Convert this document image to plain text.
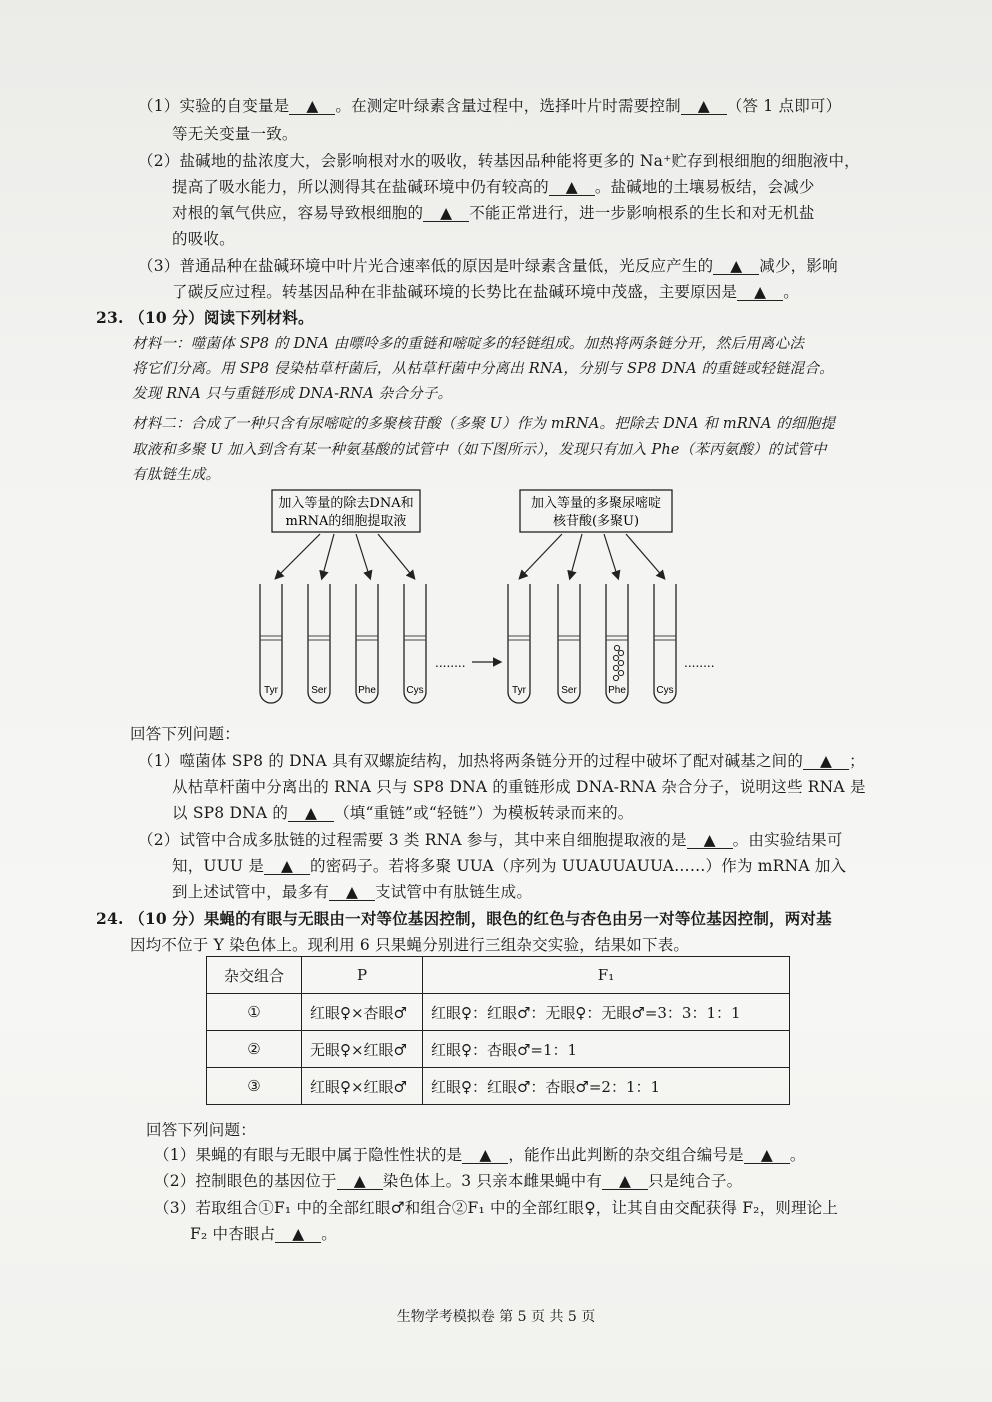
（1）实验的自变量是 ▲ 。在测定叶绿素含量过程中，选择叶片时需要控制 ▲ （答 1 点即可）
等无关变量一致。
（2）盐碱地的盐浓度大，会影响根对水的吸收，转基因品种能将更多的 Na⁺贮存到根细胞的细胞液中，
提高了吸水能力，所以测得其在盐碱环境中仍有较高的 ▲ 。盐碱地的土壤易板结，会减少
对根的氧气供应，容易导致根细胞的 ▲ 不能正常进行，进一步影响根系的生长和对无机盐
的吸收。
（3）普通品种在盐碱环境中叶片光合速率低的原因是叶绿素含量低，光反应产生的 ▲ 减少，影响
了碳反应过程。转基因品种在非盐碱环境的长势比在盐碱环境中茂盛，主要原因是 ▲ 。
23. （10 分）阅读下列材料。
材料一：噬菌体 SP8 的 DNA 由嘌呤多的重链和嘧啶多的轻链组成。加热将两条链分开，然后用离心法
将它们分离。用 SP8 侵染枯草杆菌后，从枯草杆菌中分离出 RNA，分别与 SP8 DNA 的重链或轻链混合。
发现 RNA 只与重链形成 DNA-RNA 杂合分子。
材料二：合成了一种只含有尿嘧啶的多聚核苷酸（多聚 U）作为 mRNA。把除去 DNA 和 mRNA 的细胞提
取液和多聚 U 加入到含有某一种氨基酸的试管中（如下图所示），发现只有加入 Phe（苯丙氨酸）的试管中
有肽链生成。
加入等量的除去DNA和
mRNA的细胞提取液
加入等量的多聚尿嘧啶
核苷酸(多聚U)
Tyr	Ser	Phe	Cys	Tyr	Ser	Phe	Cys
........	........
回答下列问题：
（1）噬菌体 SP8 的 DNA 具有双螺旋结构，加热将两条链分开的过程中破坏了配对碱基之间的 ▲ ；
从枯草杆菌中分离出的 RNA 只与 SP8 DNA 的重链形成 DNA-RNA 杂合分子，说明这些 RNA 是
以 SP8 DNA 的 ▲ （填“重链”或“轻链”）为模板转录而来的。
（2）试管中合成多肽链的过程需要 3 类 RNA 参与，其中来自细胞提取液的是 ▲ 。由实验结果可
知，UUU 是 ▲ 的密码子。若将多聚 UUA（序列为 UUAUUAUUA……）作为 mRNA 加入
到上述试管中，最多有 ▲ 支试管中有肽链生成。
24. （10 分）果蝇的有眼与无眼由一对等位基因控制，眼色的红色与杏色由另一对等位基因控制，两对基
因均不位于 Y 染色体上。现利用 6 只果蝇分别进行三组杂交实验，结果如下表。
杂交组合	P	F₁
①	红眼♀×杏眼♂	红眼♀：红眼♂：无眼♀：无眼♂=3：3：1：1
②	无眼♀×红眼♂	红眼♀：杏眼♂=1：1
③	红眼♀×红眼♂	红眼♀：红眼♂：杏眼♂=2：1：1
回答下列问题：
（1）果蝇的有眼与无眼中属于隐性性状的是 ▲ ，能作出此判断的杂交组合编号是 ▲ 。
（2）控制眼色的基因位于 ▲ 染色体上。3 只亲本雌果蝇中有 ▲ 只是纯合子。
（3）若取组合①F₁ 中的全部红眼♂和组合②F₁ 中的全部红眼♀，让其自由交配获得 F₂，则理论上
F₂ 中杏眼占 ▲ 。
生物学考模拟卷 第 5 页 共 5 页
